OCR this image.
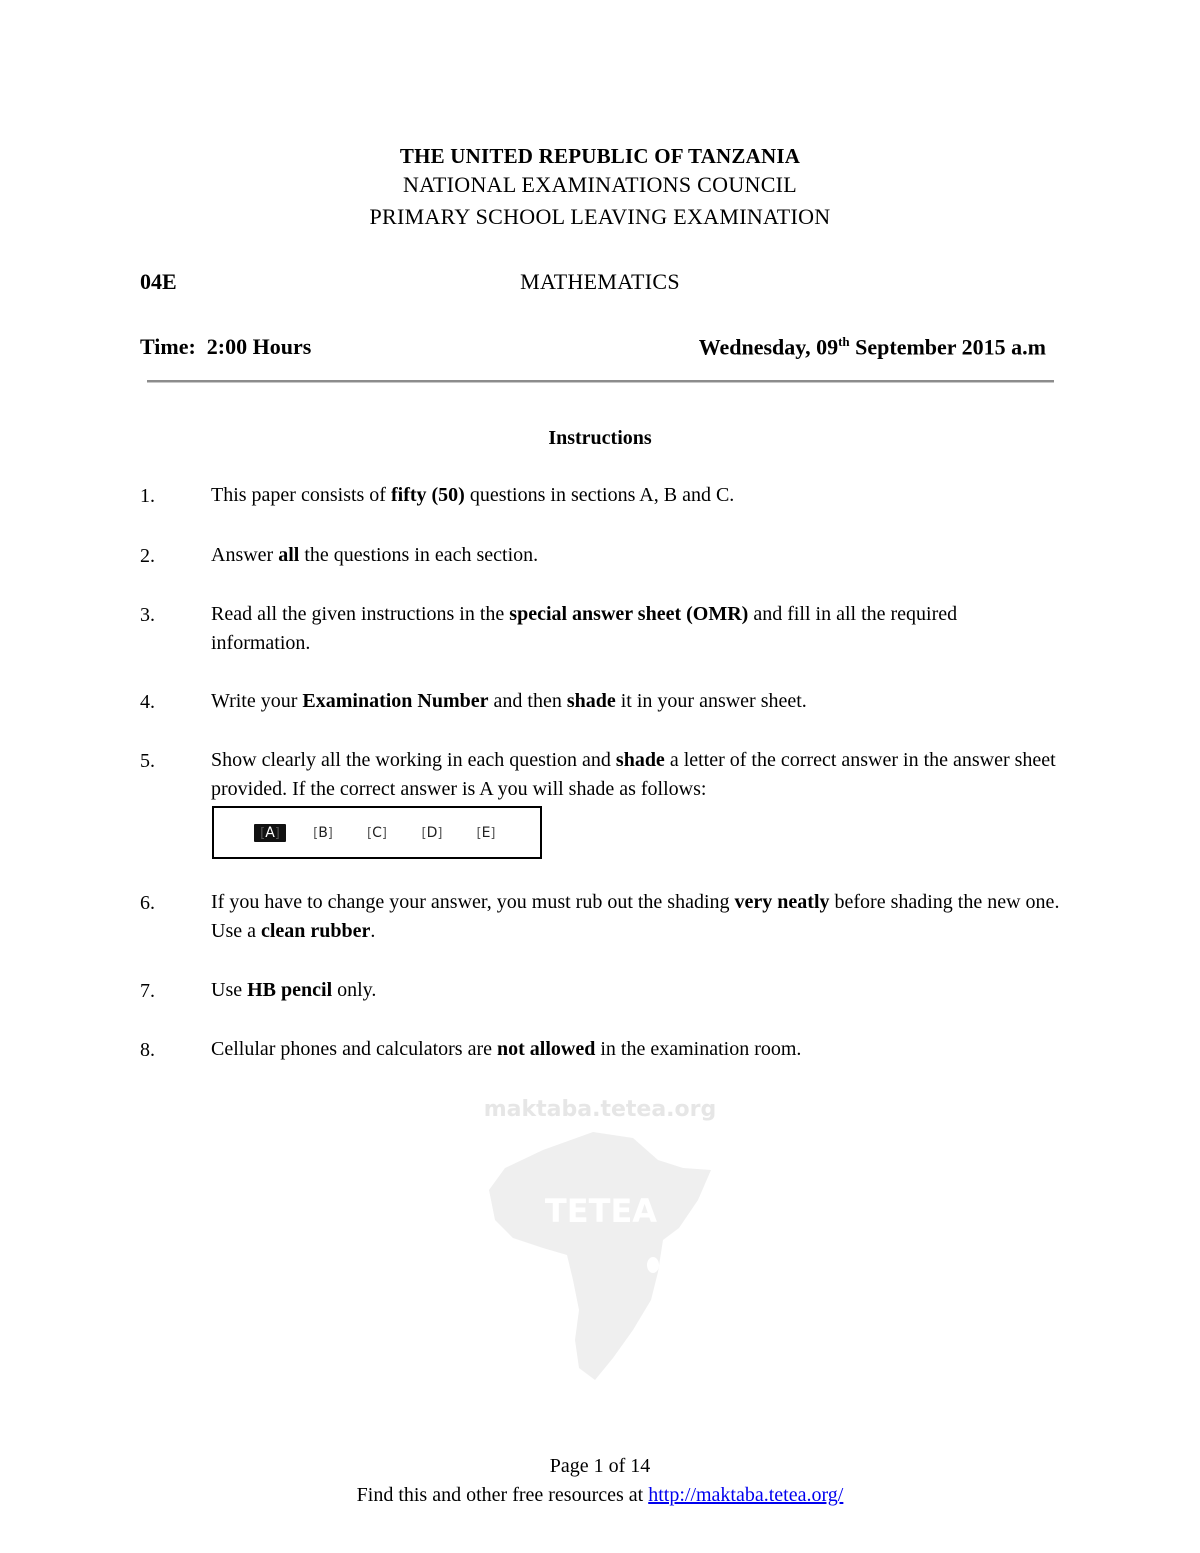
THE UNITED REPUBLIC OF TANZANIA
NATIONAL EXAMINATIONS COUNCIL
PRIMARY SCHOOL LEAVING EXAMINATION
04E	MATHEMATICS
Time:  2:00 Hours	Wednesday, 09th September 2015 a.m
Instructions
1.	This paper consists of fifty (50) questions in sections A, B and C.
2.	Answer all the questions in each section.
3.	Read all the given instructions in the special answer sheet (OMR) and fill in all the required information.
4.	Write your Examination Number and then shade it in your answer sheet.
5.	Show clearly all the working in each question and shade a letter of the correct answer in the answer sheet provided. If the correct answer is A you will shade as follows:
[A]	[B]	[C]	[D]	[E]
6.	If you have to change your answer, you must rub out the shading very neatly before shading the new one. Use a clean rubber.
7.	Use HB pencil only.
8.	Cellular phones and calculators are not allowed in the examination room.
maktaba.tetea.org
TETEA
Page 1 of 14
Find this and other free resources at http://maktaba.tetea.org/
